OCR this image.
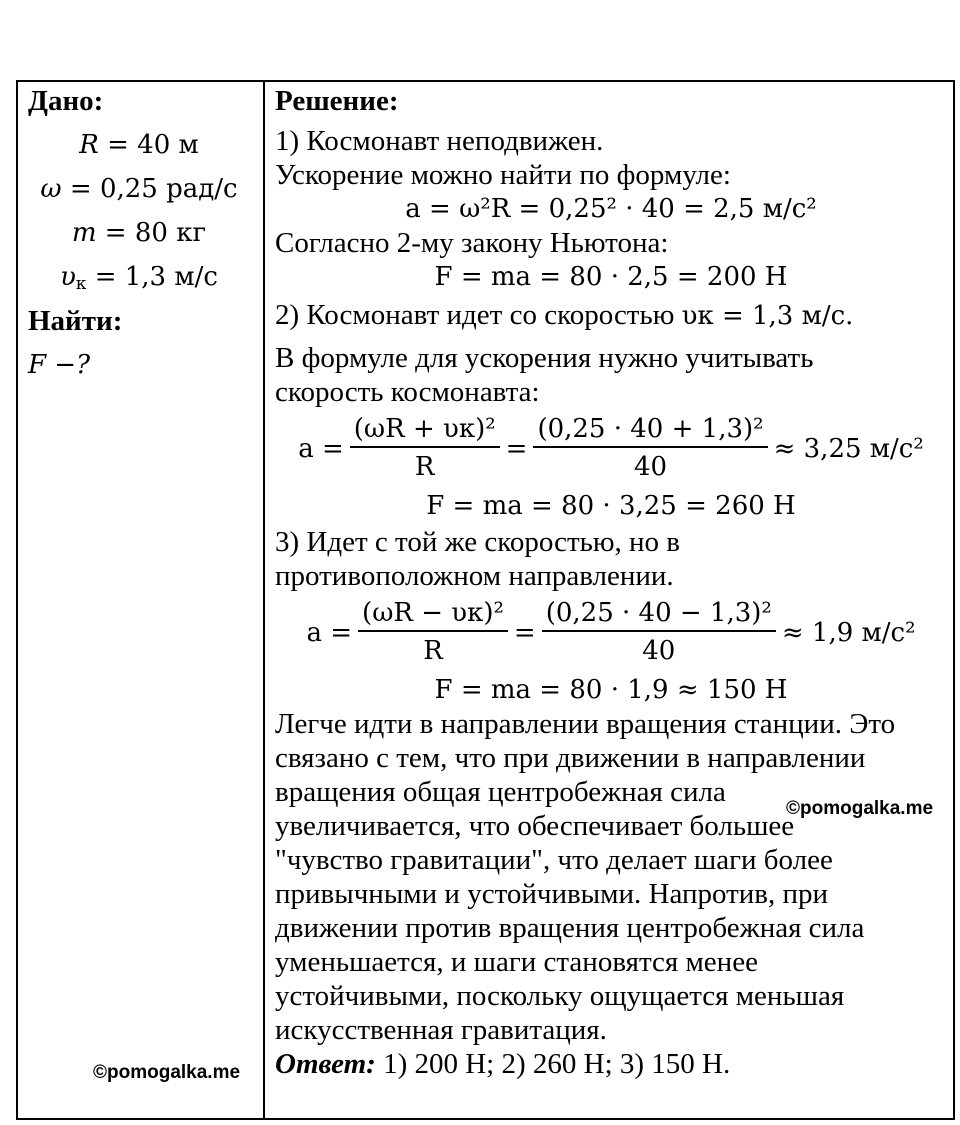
Дано:
R = 40 м
ω = 0,25 рад/с
m = 80 кг
$\upsilon_к = 1,3$ м/с
Найти:
F −?
Решение:
1) Космонавт неподвижен.
Ускорение можно найти по формуле:
a = ω²R = 0,25² · 40 = 2,5 м/с²
Согласно 2-му закону Ньютона:
F = ma = 80 · 2,5 = 200 Н
2) Космонавт идет со скоростью υк = 1,3 м/с.
В формуле для ускорения нужно учитывать
скорость космонавта:
$a = \frac{\text{(ωR + υк)²}}{R} = \frac{\text{(0,25 · 40 + 1,3)²}}{40} \approx 3,25$ м/с²
F = ma = 80 · 3,25 = 260 Н
3) Идет с той же скоростью, но в
противоположном направлении.
$a = \frac{\text{(ωR − υк)²}}{R} = \frac{\text{(0,25 · 40 − 1,3)²}}{40} \approx 1,9$ м/с²
F = ma = 80 · 1,9 ≈ 150 Н
Легче идти в направлении вращения станции. Это
связано с тем, что при движении в направлении
вращения общая центробежная сила
увеличивается, что обеспечивает большее
"чувство гравитации", что делает шаги более
привычными и устойчивыми. Напротив, при
движении против вращения центробежная сила
уменьшается, и шаги становятся менее
устойчивыми, поскольку ощущается меньшая
искусственная гравитация.
Ответ: 1) 200 Н; 2) 260 Н; 3) 150 Н.
©pomogalka.me
©pomogalka.me
